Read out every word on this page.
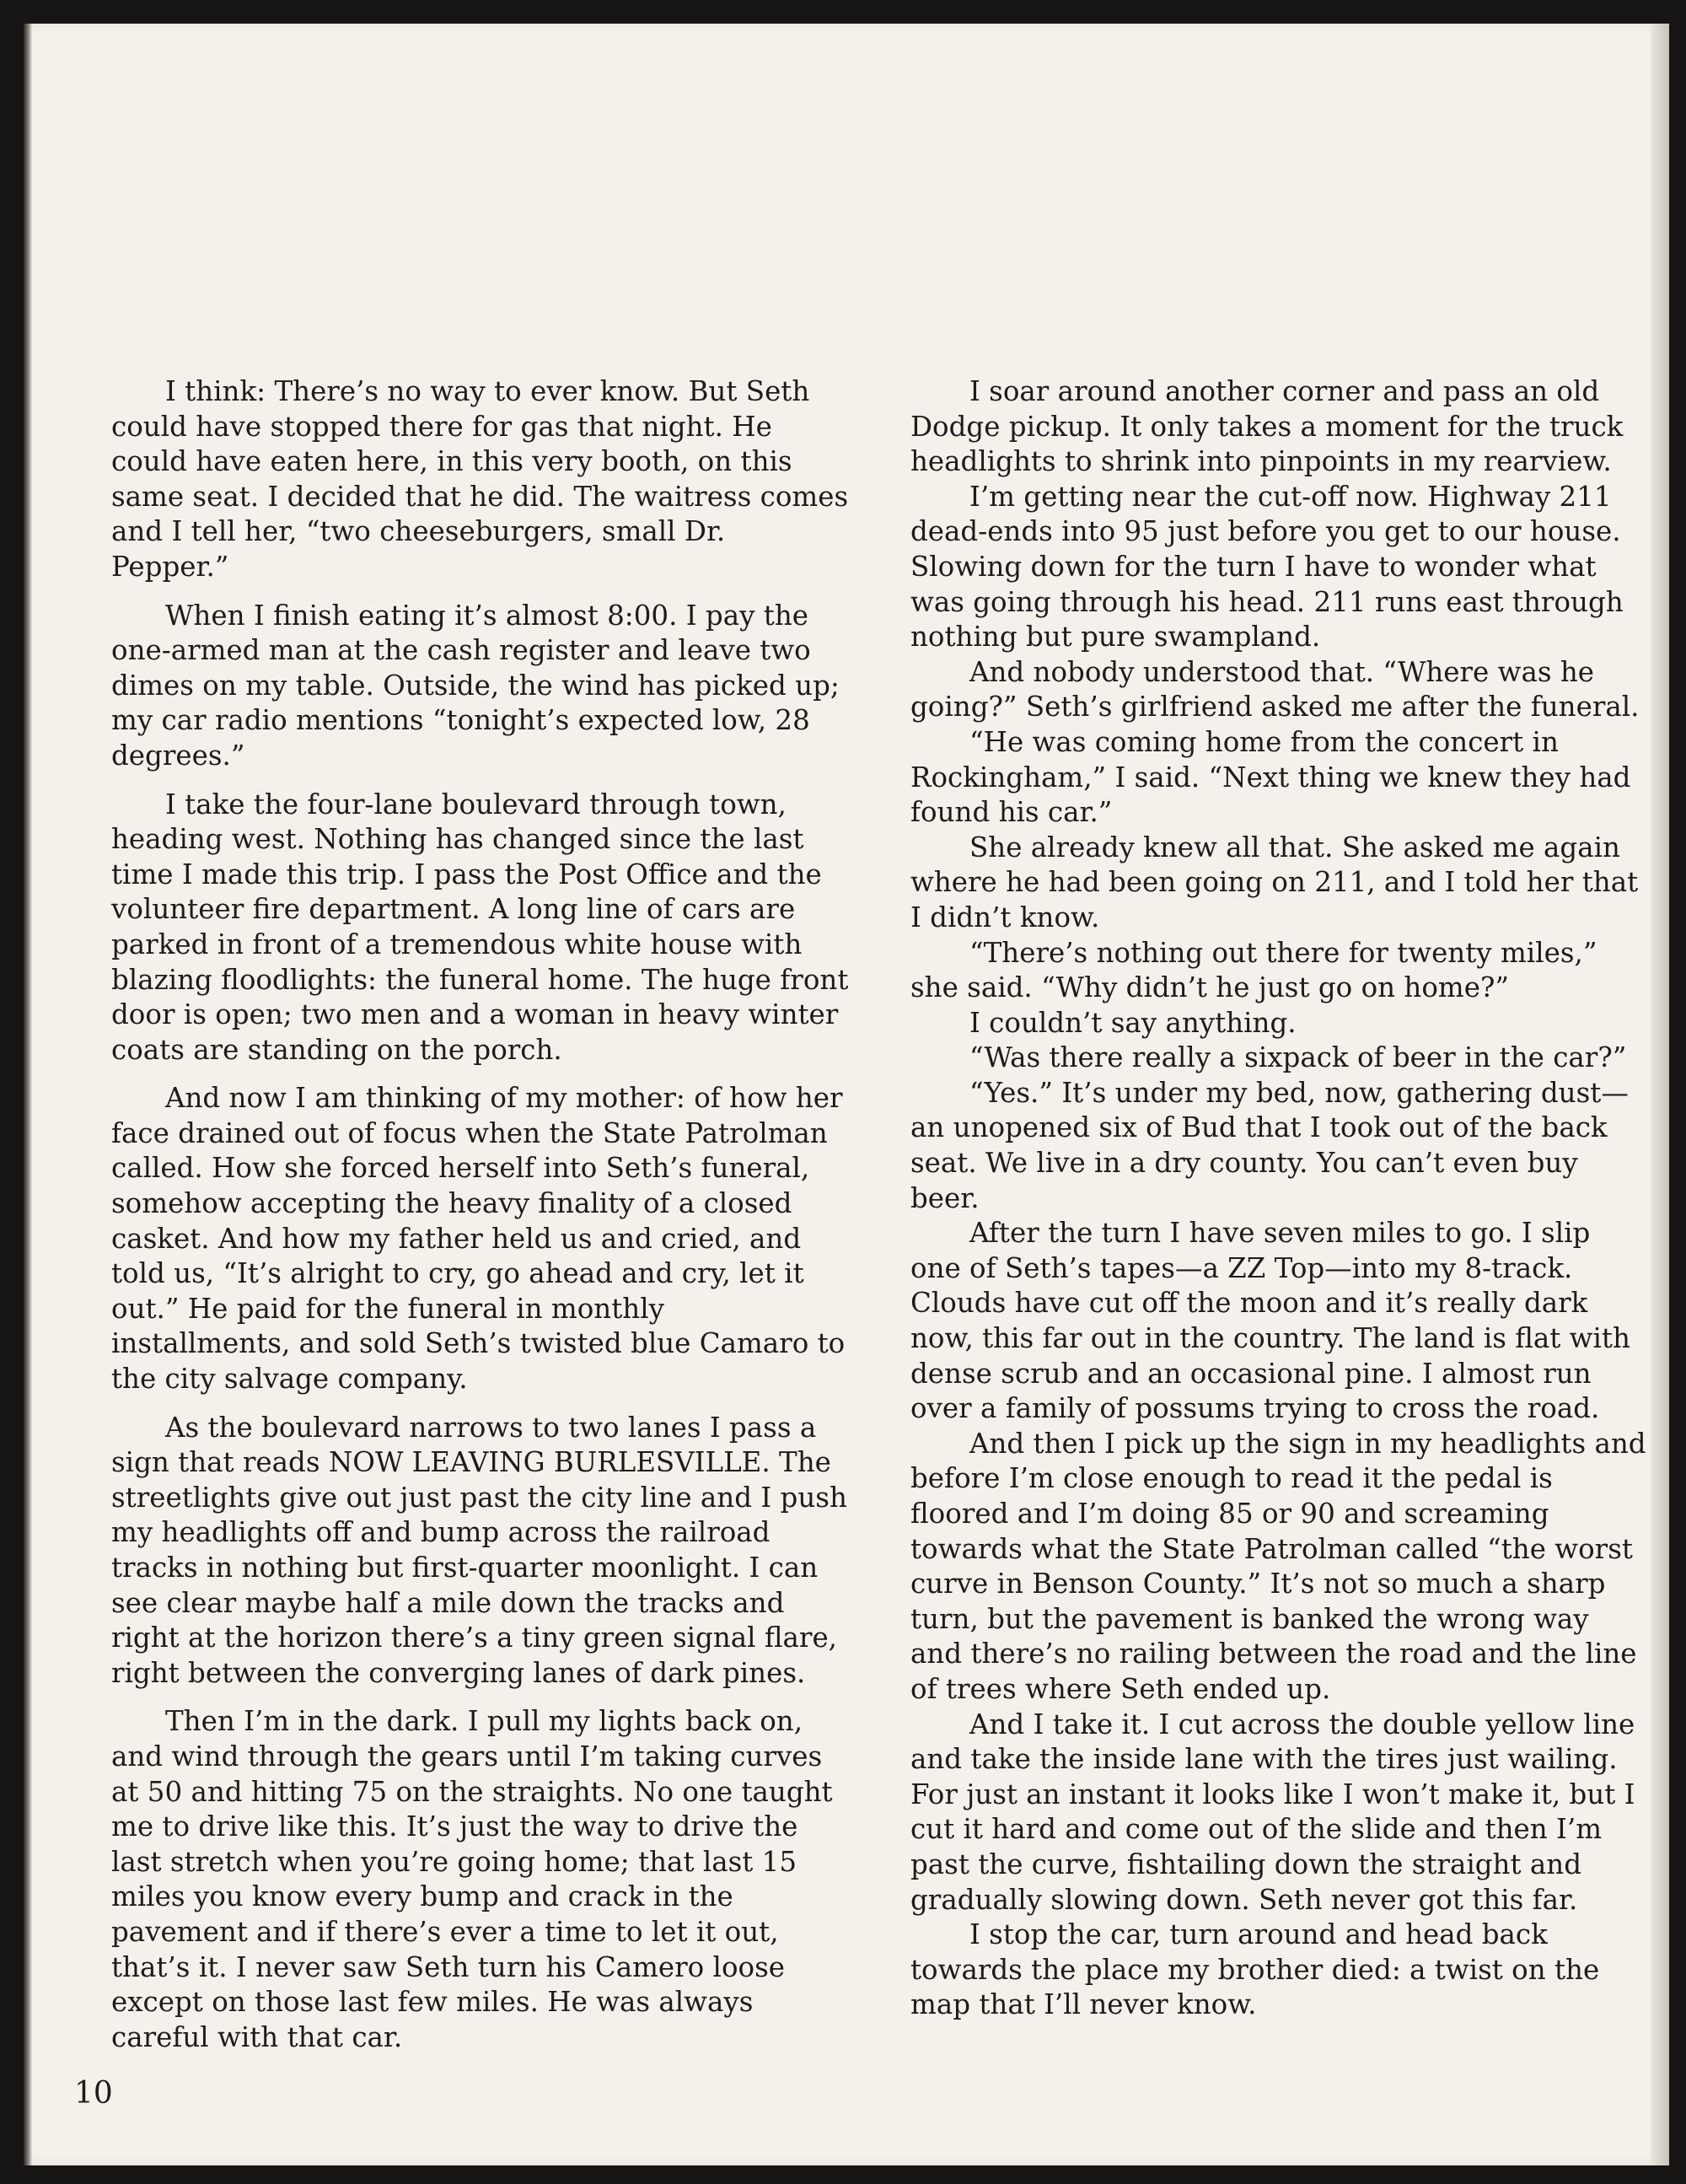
I think: There’s no way to ever know. But Seth could have stopped there for gas that night. He could have eaten here, in this very booth, on this same seat. I decided that he did. The waitress comes and I tell her, “two cheeseburgers, small Dr. Pepper.”

When I finish eating it’s almost 8:00. I pay the one-armed man at the cash register and leave two dimes on my table. Outside, the wind has picked up; my car radio mentions “tonight’s expected low, 28 degrees.”

I take the four-lane boulevard through town, heading west. Nothing has changed since the last time I made this trip. I pass the Post Office and the volunteer fire department. A long line of cars are parked in front of a tremendous white house with blazing floodlights: the funeral home. The huge front door is open; two men and a woman in heavy winter coats are standing on the porch.

And now I am thinking of my mother: of how her face drained out of focus when the State Patrolman called. How she forced herself into Seth’s funeral, somehow accepting the heavy finality of a closed casket. And how my father held us and cried, and told us, “It’s alright to cry, go ahead and cry, let it out.” He paid for the funeral in monthly installments, and sold Seth’s twisted blue Camaro to the city salvage company.

As the boulevard narrows to two lanes I pass a sign that reads NOW LEAVING BURLESVILLE. The streetlights give out just past the city line and I push my headlights off and bump across the railroad tracks in nothing but first-quarter moonlight. I can see clear maybe half a mile down the tracks and right at the horizon there’s a tiny green signal flare, right between the converging lanes of dark pines.

Then I’m in the dark. I pull my lights back on, and wind through the gears until I’m taking curves at 50 and hitting 75 on the straights. No one taught me to drive like this. It’s just the way to drive the last stretch when you’re going home; that last 15 miles you know every bump and crack in the pavement and if there’s ever a time to let it out, that’s it. I never saw Seth turn his Camero loose except on those last few miles. He was always careful with that car.

I soar around another corner and pass an old Dodge pickup. It only takes a moment for the truck headlights to shrink into pinpoints in my rearview.

I’m getting near the cut-off now. Highway 211 dead-ends into 95 just before you get to our house. Slowing down for the turn I have to wonder what was going through his head. 211 runs east through nothing but pure swampland.

And nobody understood that. “Where was he going?” Seth’s girlfriend asked me after the funeral.

“He was coming home from the concert in Rockingham,” I said. “Next thing we knew they had found his car.”

She already knew all that. She asked me again where he had been going on 211, and I told her that I didn’t know.

“There’s nothing out there for twenty miles,” she said. “Why didn’t he just go on home?”

I couldn’t say anything.

“Was there really a sixpack of beer in the car?”

“Yes.” It’s under my bed, now, gathering dust—an unopened six of Bud that I took out of the back seat. We live in a dry county. You can’t even buy beer.

After the turn I have seven miles to go. I slip one of Seth’s tapes—a ZZ Top—into my 8-track. Clouds have cut off the moon and it’s really dark now, this far out in the country. The land is flat with dense scrub and an occasional pine. I almost run over a family of possums trying to cross the road.

And then I pick up the sign in my headlights and before I’m close enough to read it the pedal is floored and I’m doing 85 or 90 and screaming towards what the State Patrolman called “the worst curve in Benson County.” It’s not so much a sharp turn, but the pavement is banked the wrong way and there’s no railing between the road and the line of trees where Seth ended up.

And I take it. I cut across the double yellow line and take the inside lane with the tires just wailing. For just an instant it looks like I won’t make it, but I cut it hard and come out of the slide and then I’m past the curve, fishtailing down the straight and gradually slowing down. Seth never got this far.

I stop the car, turn around and head back towards the place my brother died: a twist on the map that I’ll never know.

10
